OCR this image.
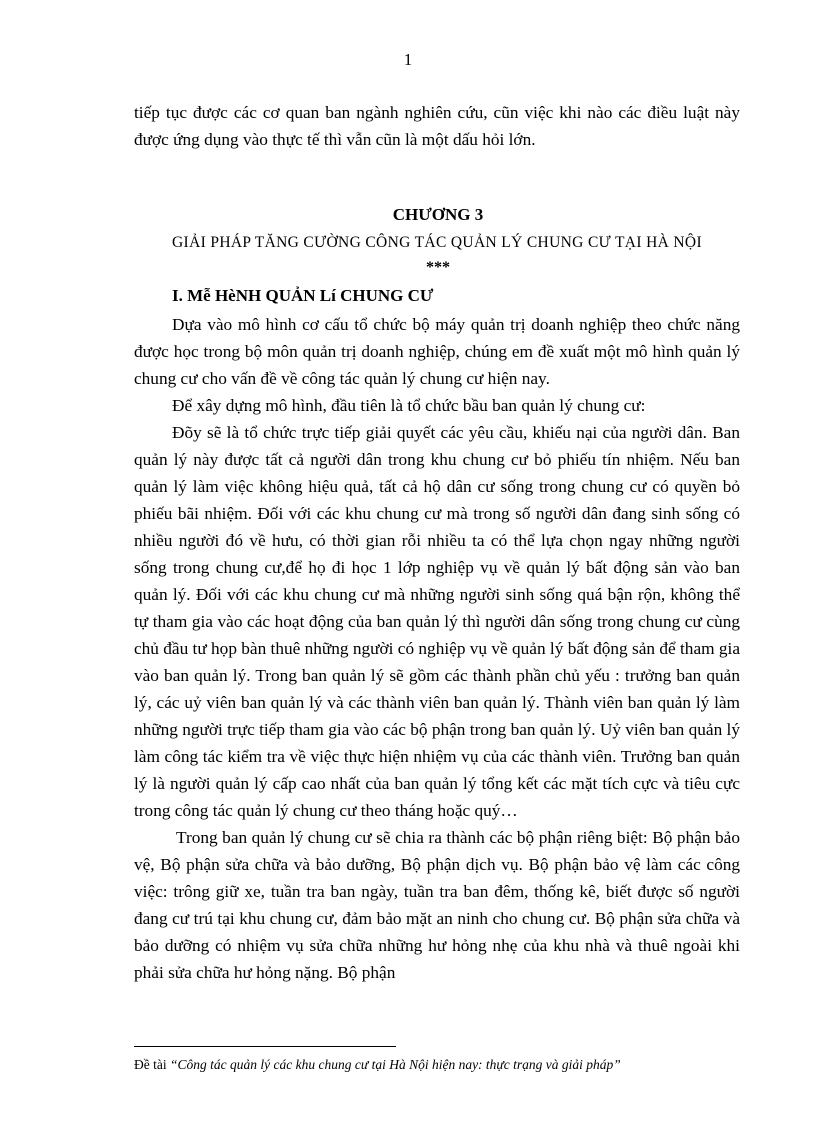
1

tiếp tục được các cơ quan ban ngành nghiên cứu, cũn việc khi nào các điều luật này được ứng dụng vào thực tế thì vẫn cũn là một dấu hỏi lớn.

CHƯƠNG 3
GIẢI PHÁP TĂNG CƯỜNG CÔNG TÁC QUẢN LÝ CHUNG CƯ TẠI HÀ NỘI
***
I. Mễ HèNH QUẢN Lí CHUNG CƯ

Dựa vào mô hình cơ cấu tổ chức bộ máy quản trị doanh nghiệp theo chức năng được học trong bộ môn quản trị doanh nghiệp, chúng em đề xuất một mô hình quản lý chung cư cho vấn đề về công tác quản lý chung cư hiện nay.

Để xây dựng mô hình, đầu tiên là tổ chức bầu ban quản lý chung cư:

Đõy sẽ là tổ chức trực tiếp giải quyết các yêu cầu, khiếu nại của người dân. Ban quản lý này được tất cả người dân trong khu chung cư bỏ phiếu tín nhiệm. Nếu ban quản lý làm việc không hiệu quả, tất cả hộ dân cư sống trong chung cư có quyền bỏ phiếu bãi nhiệm. Đối với các khu chung cư mà trong số người dân đang sinh sống có nhiều người đó về hưu, có thời gian rỗi nhiều ta có thể lựa chọn ngay những người sống trong chung cư,để họ đi học 1 lớp nghiệp vụ về quản lý bất động sản vào ban quản lý. Đối với các khu chung cư mà những người sinh sống quá bận rộn, không thể tự tham gia vào các hoạt động của ban quản lý thì người dân sống trong chung cư cùng chủ đầu tư họp bàn thuê những người có nghiệp vụ về quản lý bất động sản để tham gia vào ban quản lý. Trong ban quản lý sẽ gồm các thành phần chủ yếu : trưởng ban quản lý, các uỷ viên ban quản lý và các thành viên ban quản lý. Thành viên ban quản lý làm những người trực tiếp tham gia vào các bộ phận trong ban quản lý. Uỷ viên ban quản lý làm công tác kiểm tra về việc thực hiện nhiệm vụ của các thành viên. Trưởng ban quản lý là người quản lý cấp cao nhất của ban quản lý tổng kết các mặt tích cực và tiêu cực trong công tác quản lý chung cư theo tháng hoặc quý…

Trong ban quản lý chung cư sẽ chia ra thành các bộ phận riêng biệt: Bộ phận bảo vệ, Bộ phận sửa chữa và bảo dưỡng, Bộ phận dịch vụ. Bộ phận bảo vệ làm các công việc: trông giữ xe, tuần tra ban ngày, tuần tra ban đêm, thống kê, biết được số người đang cư trú tại khu chung cư, đảm bảo mặt an ninh cho chung cư. Bộ phận sửa chữa và bảo dưỡng có nhiệm vụ sửa chữa những hư hỏng nhẹ của khu nhà và thuê ngoài khi phải sửa chữa hư hỏng nặng. Bộ phận

Đề tài “Công tác quản lý các khu chung cư tại Hà Nội hiện nay: thực trạng và giải pháp”
